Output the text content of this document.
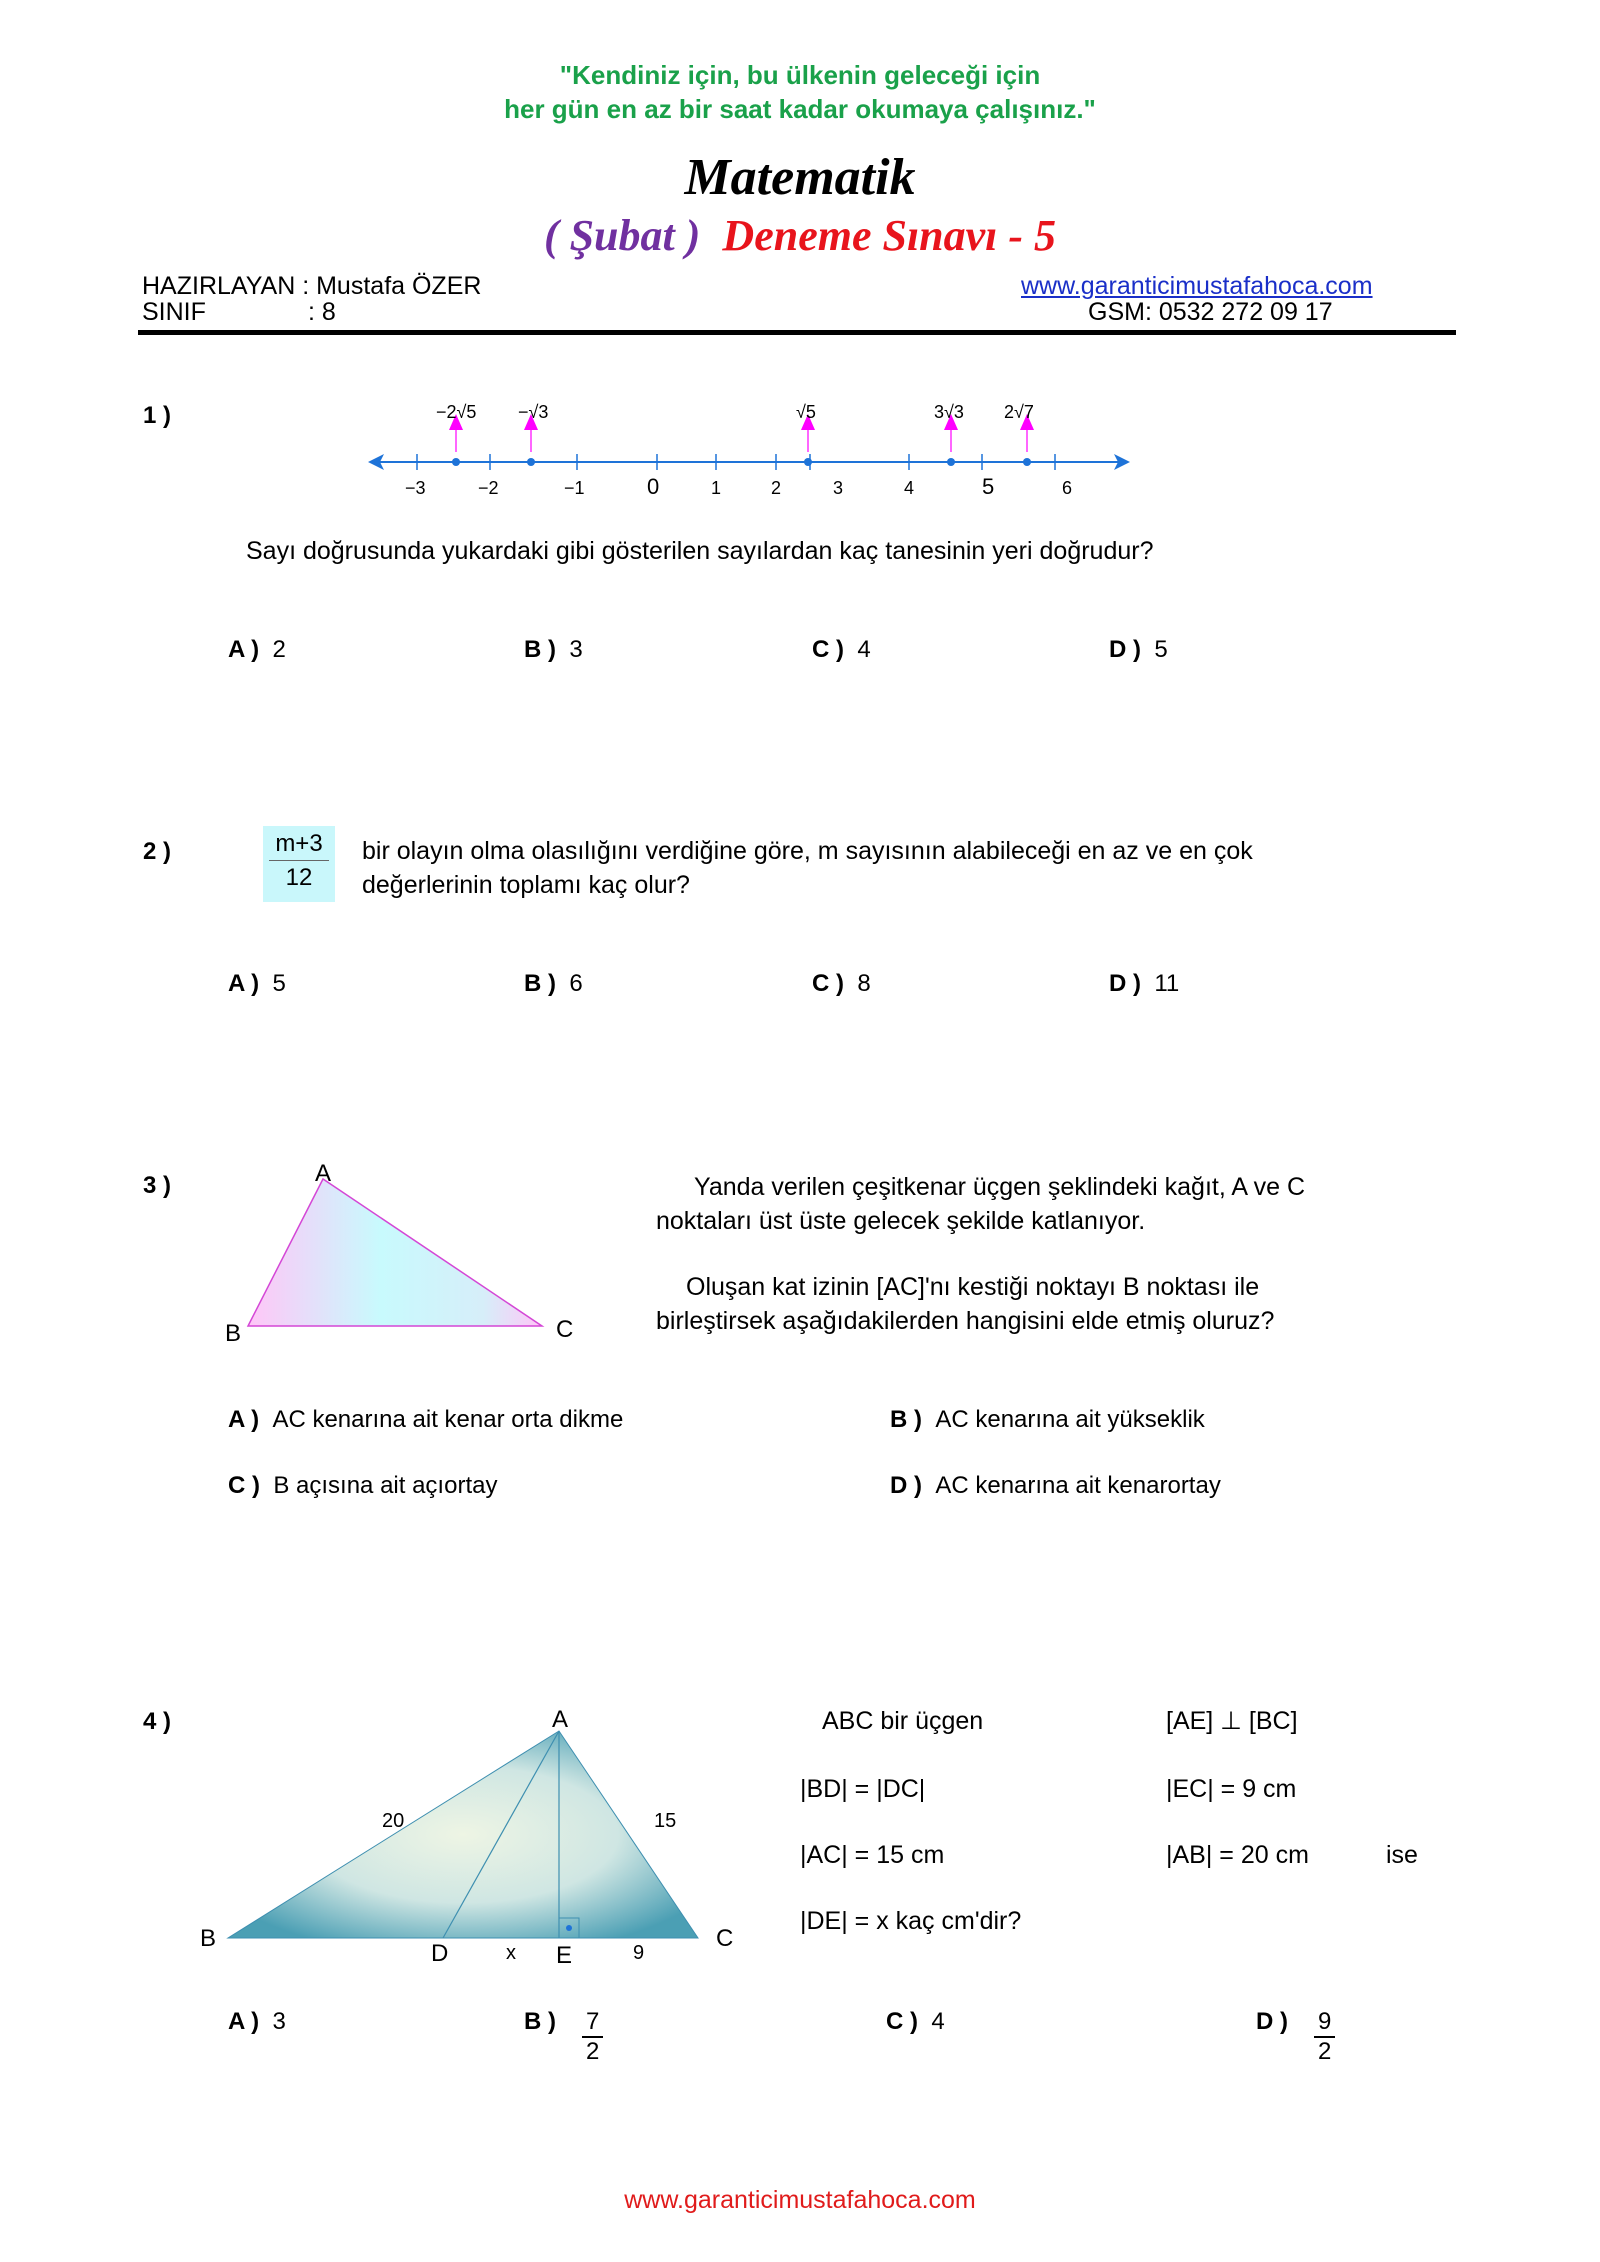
"Kendiniz için, bu ülkenin geleceği için
her gün en az bir saat kadar okumaya çalışınız."
Matematik
( Şubat ) Deneme Sınavı - 5
HAZIRLAYAN : Mustafa ÖZER
SINIF	: 8
www.garanticimustafahoca.com
GSM: 0532 272 09 17
1 )	−2√5 −√3	√5	3√3 2√7
−3	−2	−1	0	1	2	3	4	5	6
Sayı doğrusunda yukardaki gibi gösterilen sayılardan kaç tanesinin yeri doğrudur?
A ) 2	B ) 3	C ) 4	D ) 5
2 )	$\frac{m+3}{12}$ bir olayın olma olasılığını verdiğine göre, m sayısının alabileceği en az ve en çok
değerlerinin toplamı kaç olur?
A ) 5	B ) 6	C ) 8	D ) 11
3 )	A
B	C
Yanda verilen çeşitkenar üçgen şeklindeki kağıt, A ve C
noktaları üst üste gelecek şekilde katlanıyor.
Oluşan kat izinin [AC]'nı kestiği noktayı B noktası ile
birleştirsek aşağıdakilerden hangisini elde etmiş oluruz?
A ) AC kenarına ait kenar orta dikme	B ) AC kenarına ait yükseklik
C ) B açısına ait açıortay	D ) AC kenarına ait kenarortay
4 )	A
B	C
D	E
x	9
20	15
ABC bir üçgen	[AE] ⊥ [BC]
|BD| = |DC|	|EC| = 9 cm
|AC| = 15 cm	|AB| = 20 cm	ise
|DE| = x kaç cm'dir?
A ) 3	B ) $\frac{7}{2}$	C ) 4	D ) $\frac{9}{2}$
www.garanticimustafahoca.com
